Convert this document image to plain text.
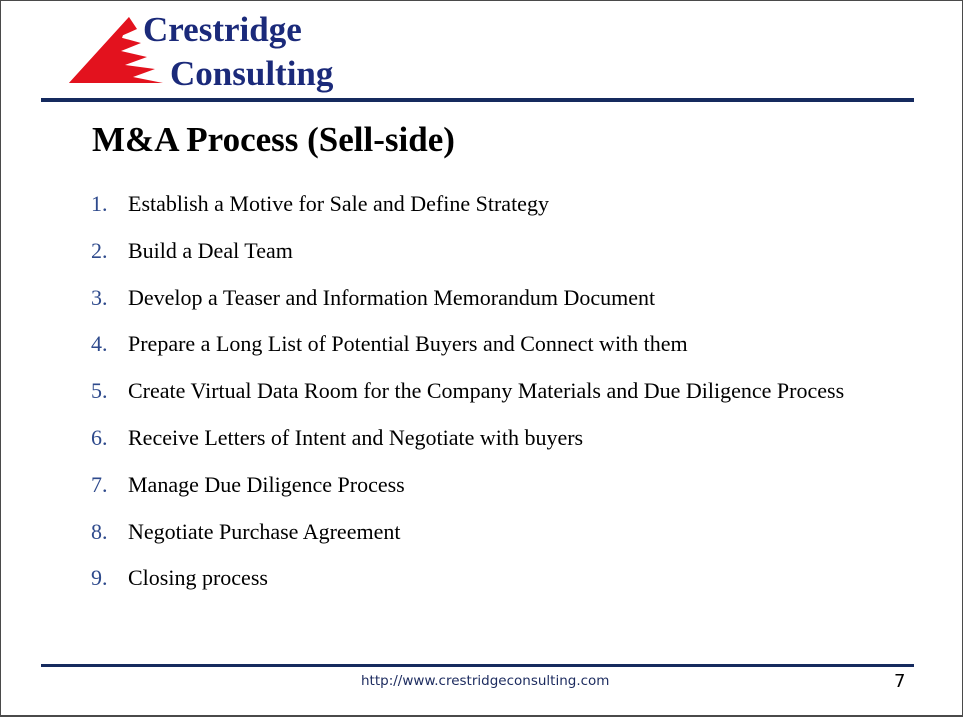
Crestridge
Consulting
M&A Process (Sell-side)
1. Establish a Motive for Sale and Define Strategy
2. Build a Deal Team
3. Develop a Teaser and Information Memorandum Document
4. Prepare a Long List of Potential Buyers and Connect with them
5. Create Virtual Data Room for the Company Materials and Due Diligence Process
6. Receive Letters of Intent and Negotiate with buyers
7. Manage Due Diligence Process
8. Negotiate Purchase Agreement
9. Closing process
http://www.crestridgeconsulting.com	7
